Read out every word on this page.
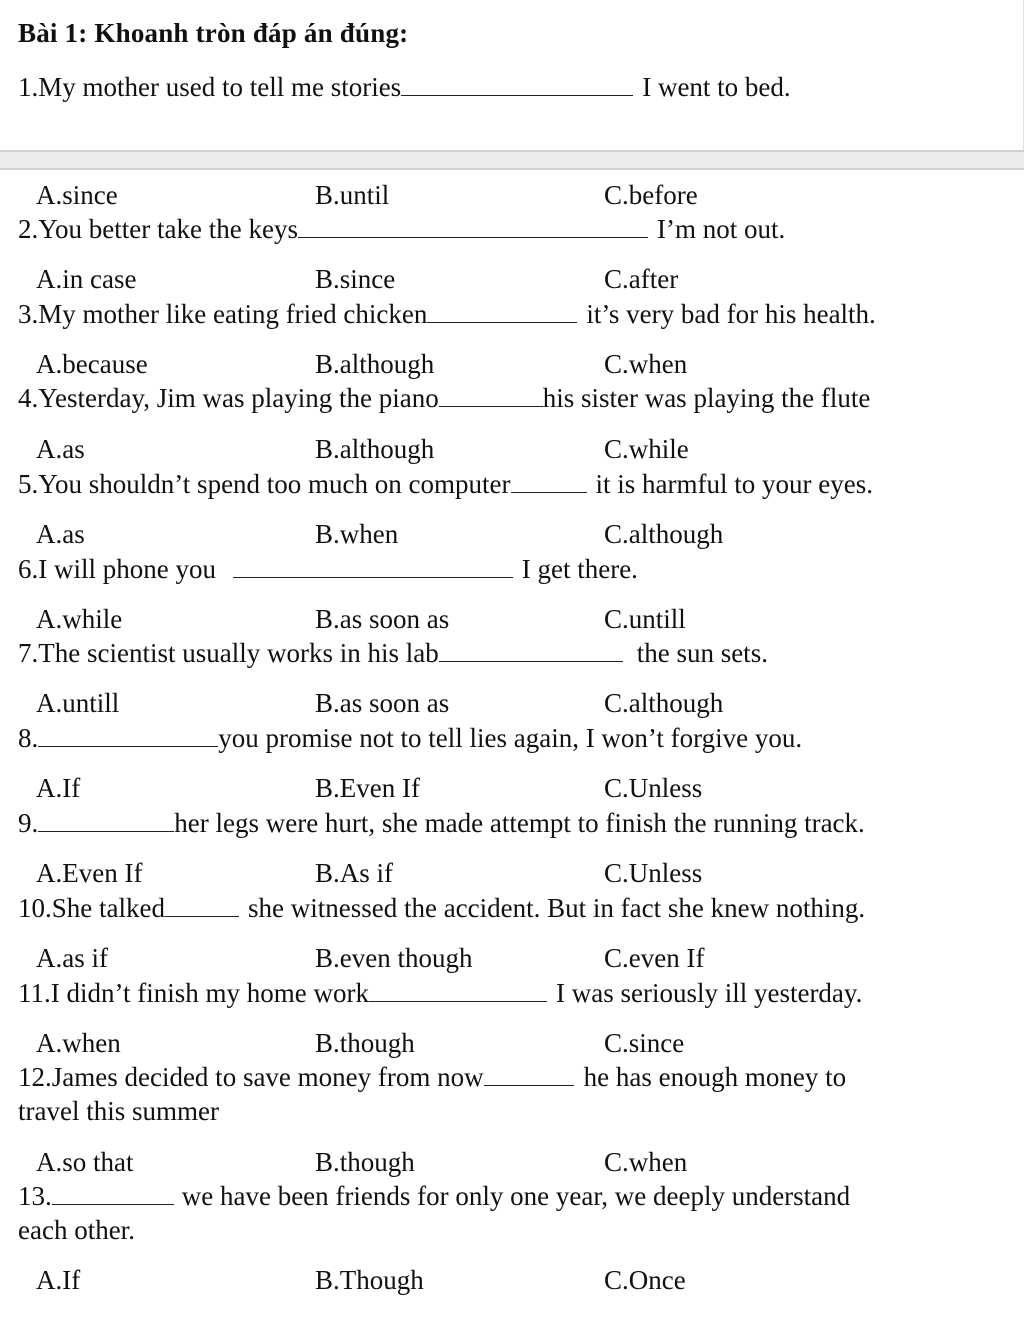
Bài 1: Khoanh tròn đáp án đúng:
1.My mother used to tell me stories	I went to bed.
A.since	B.until	C.before
2.You better take the keys	I’m not out.
A.in case	B.since	C.after
3.My mother like eating fried chicken	it’s very bad for his health.
A.because	B.although	C.when
4.Yesterday, Jim was playing the piano	his sister was playing the flute
A.as	B.although	C.while
5.You shouldn’t spend too much on computer	it is harmful to your eyes.
A.as	B.when	C.although
6.I will phone you	I get there.
A.while	B.as soon as	C.untill
7.The scientist usually works in his lab	the sun sets.
A.untill	B.as soon as	C.although
8.	you promise not to tell lies again, I won’t forgive you.
A.If	B.Even If	C.Unless
9.	her legs were hurt, she made attempt to finish the running track.
A.Even If	B.As if	C.Unless
10.She talked	she witnessed the accident. But in fact she knew nothing.
A.as if	B.even though	C.even If
11.I didn’t finish my home work	I was seriously ill yesterday.
A.when	B.though	C.since
12.James decided to save money from now	he has enough money to
travel this summer
A.so that	B.though	C.when
13.	we have been friends for only one year, we deeply understand
each other.
A.If	B.Though	C.Once
